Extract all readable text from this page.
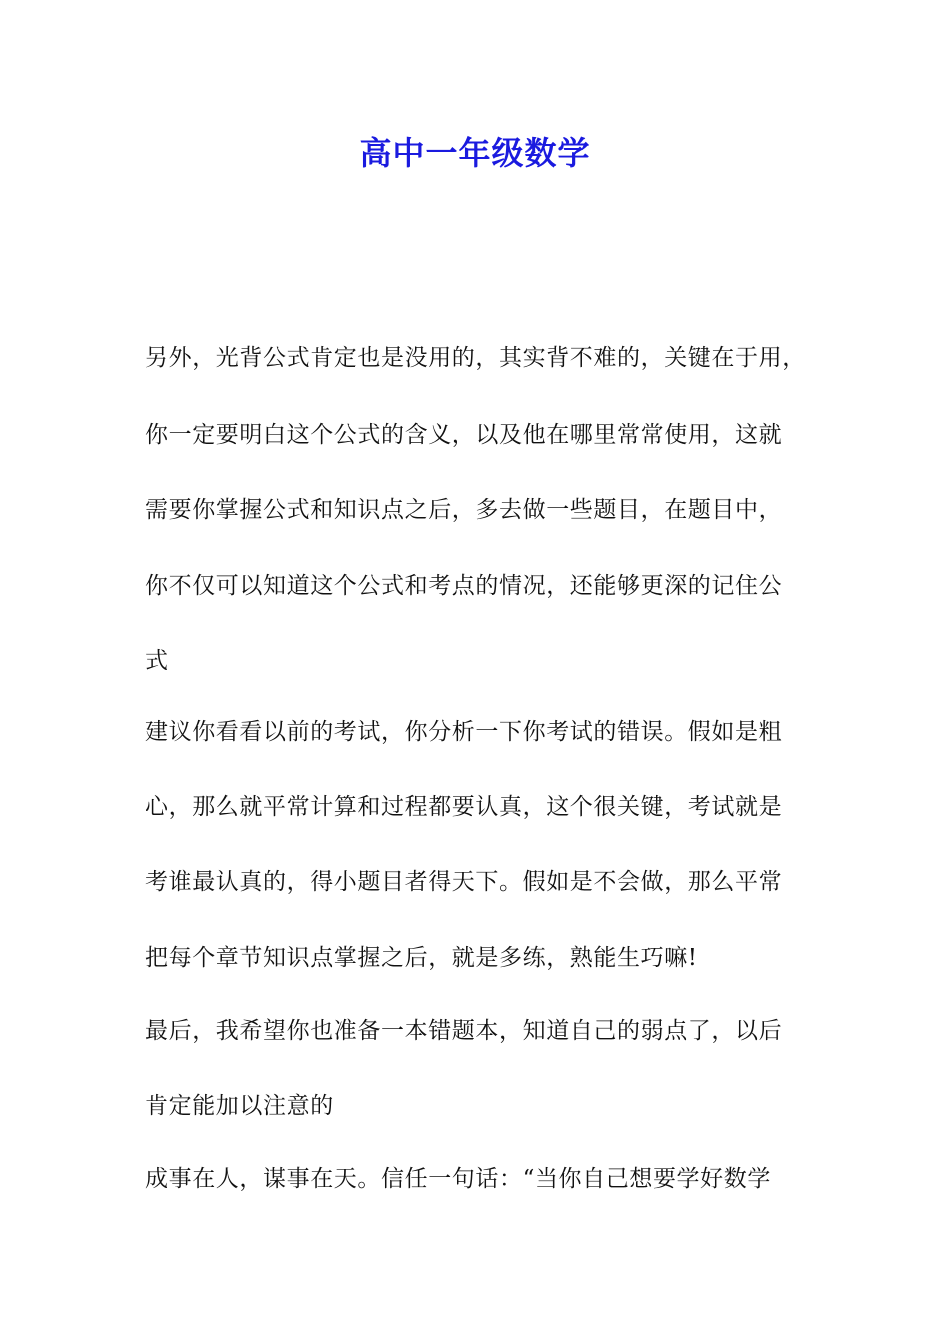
高中一年级数学
另外，光背公式肯定也是没用的，其实背不难的，关键在于用，
你一定要明白这个公式的含义，以及他在哪里常常使用，这就
需要你掌握公式和知识点之后，多去做一些题目，在题目中，
你不仅可以知道这个公式和考点的情况，还能够更深的记住公
式
建议你看看以前的考试，你分析一下你考试的错误。假如是粗
心，那么就平常计算和过程都要认真，这个很关键，考试就是
考谁最认真的，得小题目者得天下。假如是不会做，那么平常
把每个章节知识点掌握之后，就是多练，熟能生巧嘛!
最后，我希望你也准备一本错题本，知道自己的弱点了，以后
肯定能加以注意的
成事在人，谋事在天。信任一句话：“当你自己想要学好数学
